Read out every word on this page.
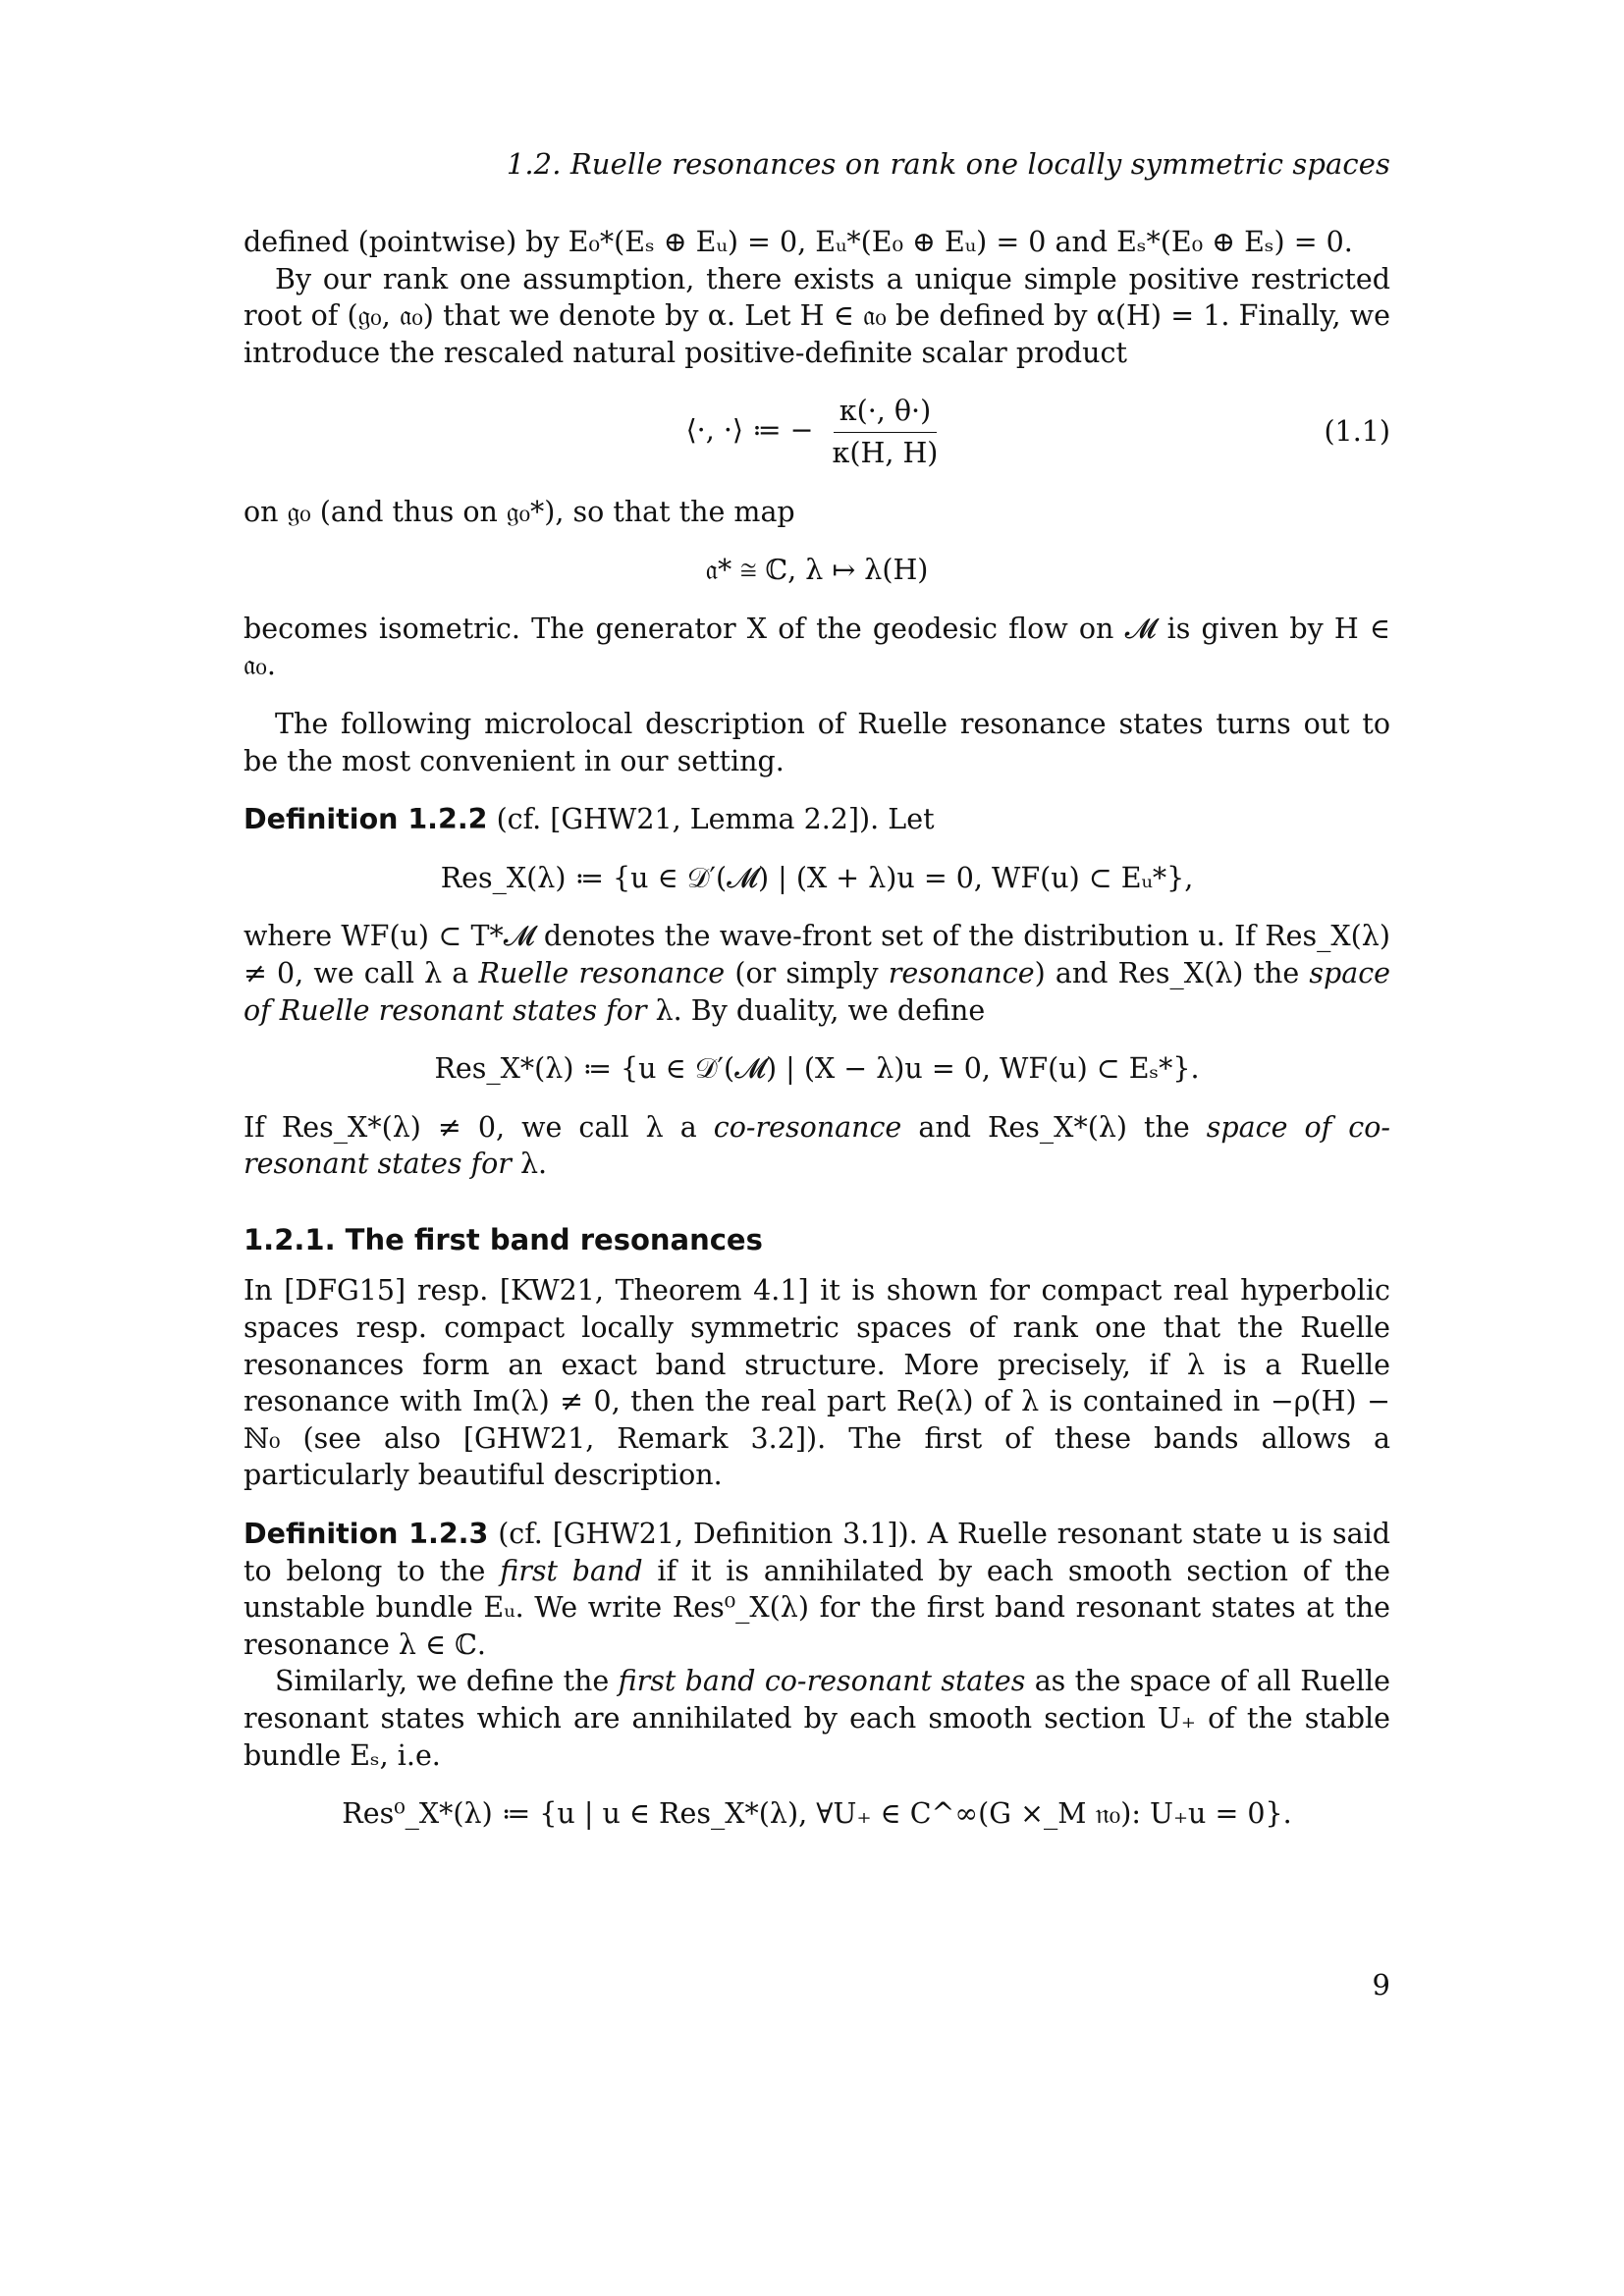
1.2. Ruelle resonances on rank one locally symmetric spaces

defined (pointwise) by E₀*(Eₛ ⊕ Eᵤ) = 0, Eᵤ*(E₀ ⊕ Eᵤ) = 0 and Eₛ*(E₀ ⊕ Eₛ) = 0.

By our rank one assumption, there exists a unique simple positive restricted root of (𝔤₀, 𝔞₀) that we denote by α. Let H ∈ 𝔞₀ be defined by α(H) = 1. Finally, we introduce the rescaled natural positive-definite scalar product

⟨·, ·⟩ ≔ − $\frac{\kappa(\cdot, \theta\cdot)}{\kappa(H, H)}$	(1.1)

on 𝔤₀ (and thus on 𝔤₀*), so that the map

𝔞* ≅ ℂ, λ ↦ λ(H)

becomes isometric. The generator X of the geodesic flow on 𝓜 is given by H ∈ 𝔞₀.

The following microlocal description of Ruelle resonance states turns out to be the most convenient in our setting.

Definition 1.2.2 (cf. [GHW21, Lemma 2.2]). Let

Res_X(λ) ≔ {u ∈ 𝒟′(𝓜) | (X + λ)u = 0, WF(u) ⊂ Eᵤ*},

where WF(u) ⊂ T*𝓜 denotes the wave-front set of the distribution u. If Res_X(λ) ≠ 0, we call λ a Ruelle resonance (or simply resonance) and Res_X(λ) the space of Ruelle resonant states for λ. By duality, we define

Res_X*(λ) ≔ {u ∈ 𝒟′(𝓜) | (X − λ)u = 0, WF(u) ⊂ Eₛ*}.

If Res_X*(λ) ≠ 0, we call λ a co-resonance and Res_X*(λ) the space of co-resonant states for λ.

1.2.1. The first band resonances

In [DFG15] resp. [KW21, Theorem 4.1] it is shown for compact real hyperbolic spaces resp. compact locally symmetric spaces of rank one that the Ruelle resonances form an exact band structure. More precisely, if λ is a Ruelle resonance with Im(λ) ≠ 0, then the real part Re(λ) of λ is contained in −ρ(H) − ℕ₀ (see also [GHW21, Remark 3.2]). The first of these bands allows a particularly beautiful description.

Definition 1.2.3 (cf. [GHW21, Definition 3.1]). A Ruelle resonant state u is said to belong to the first band if it is annihilated by each smooth section of the unstable bundle Eᵤ. We write Res⁰_X(λ) for the first band resonant states at the resonance λ ∈ ℂ.

Similarly, we define the first band co-resonant states as the space of all Ruelle resonant states which are annihilated by each smooth section U₊ of the stable bundle Eₛ, i.e.

Res⁰_X*(λ) ≔ {u | u ∈ Res_X*(λ), ∀U₊ ∈ C^∞(G ×_M 𝔫₀): U₊u = 0}.
9
